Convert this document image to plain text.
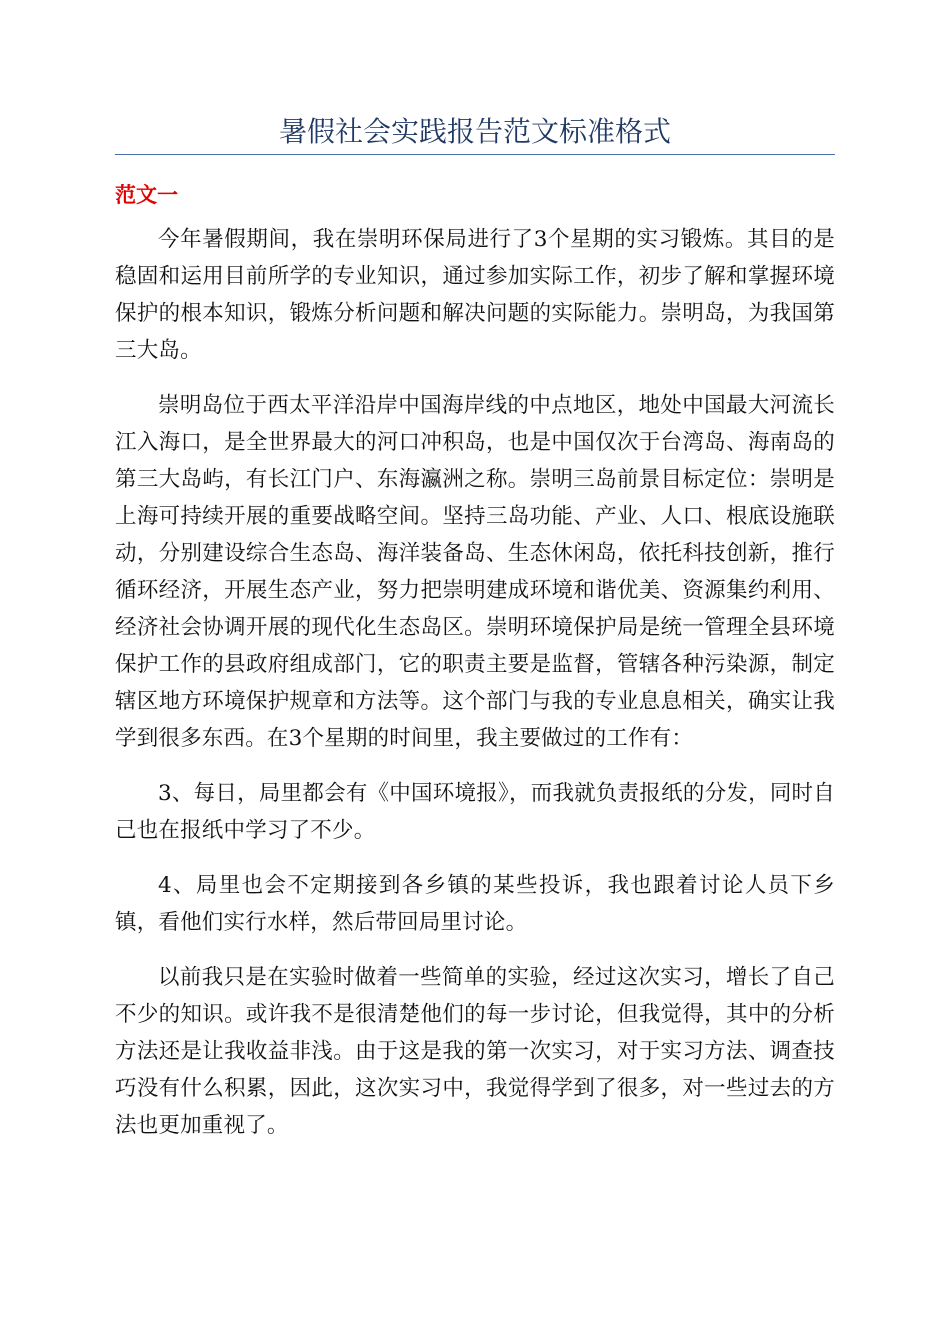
暑假社会实践报告范文标准格式
范文一

今年暑假期间，我在崇明环保局进行了3个星期的实习锻炼。其目的是稳固和运用目前所学的专业知识，通过参加实际工作，初步了解和掌握环境保护的根本知识，锻炼分析问题和解决问题的实际能力。崇明岛，为我国第三大岛。

崇明岛位于西太平洋沿岸中国海岸线的中点地区，地处中国最大河流长江入海口，是全世界最大的河口冲积岛，也是中国仅次于台湾岛、海南岛的第三大岛屿，有长江门户、东海瀛洲之称。崇明三岛前景目标定位：崇明是上海可持续开展的重要战略空间。坚持三岛功能、产业、人口、根底设施联动，分别建设综合生态岛、海洋装备岛、生态休闲岛，依托科技创新，推行循环经济，开展生态产业，努力把崇明建成环境和谐优美、资源集约利用、经济社会协调开展的现代化生态岛区。崇明环境保护局是统一管理全县环境保护工作的县政府组成部门，它的职责主要是监督，管辖各种污染源，制定辖区地方环境保护规章和方法等。这个部门与我的专业息息相关，确实让我学到很多东西。在3个星期的时间里，我主要做过的工作有：

3、每日，局里都会有《中国环境报》，而我就负责报纸的分发，同时自己也在报纸中学习了不少。

4、局里也会不定期接到各乡镇的某些投诉，我也跟着讨论人员下乡镇，看他们实行水样，然后带回局里讨论。

以前我只是在实验时做着一些简单的实验，经过这次实习，增长了自己不少的知识。或许我不是很清楚他们的每一步讨论，但我觉得，其中的分析方法还是让我收益非浅。由于这是我的第一次实习，对于实习方法、调查技巧没有什么积累，因此，这次实习中，我觉得学到了很多，对一些过去的方法也更加重视了。
